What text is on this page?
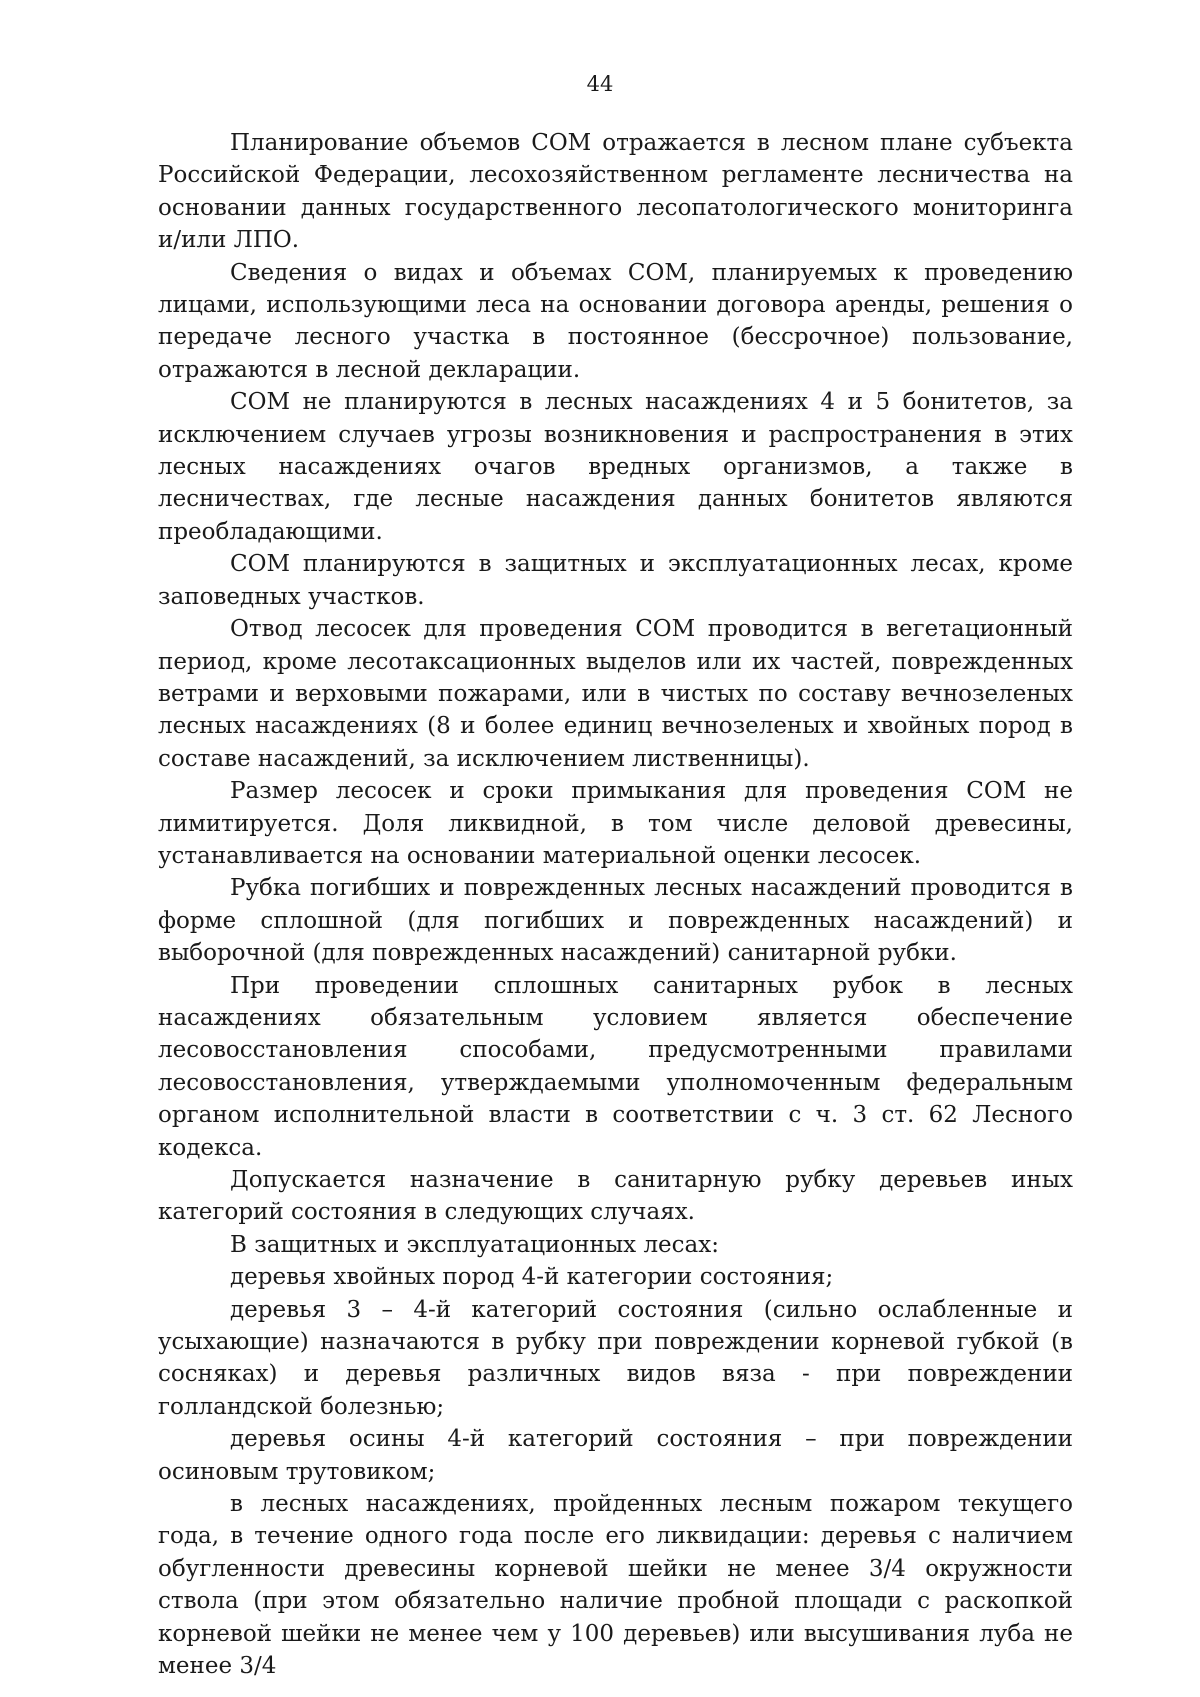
44

Планирование объемов СОМ отражается в лесном плане субъекта Российской Федерации, лесохозяйственном регламенте лесничества на основании данных государственного лесопатологического мониторинга и/или ЛПО.

Сведения о видах и объемах СОМ, планируемых к проведению лицами, использующими леса на основании договора аренды, решения о передаче лесного участка в постоянное (бессрочное) пользование, отражаются в лесной декларации.

СОМ не планируются в лесных насаждениях 4 и 5 бонитетов, за исключением случаев угрозы возникновения и распространения в этих лесных насаждениях очагов вредных организмов, а также в лесничествах, где лесные насаждения данных бонитетов являются преобладающими.

СОМ планируются в защитных и эксплуатационных лесах, кроме заповедных участков.

Отвод лесосек для проведения СОМ проводится в вегетационный период, кроме лесотаксационных выделов или их частей, поврежденных ветрами и верховыми пожарами, или в чистых по составу вечнозеленых лесных насаждениях (8 и более единиц вечнозеленых и хвойных пород в составе насаждений, за исключением лиственницы).

Размер лесосек и сроки примыкания для проведения СОМ не лимитируется. Доля ликвидной, в том числе деловой древесины, устанавливается на основании материальной оценки лесосек.

Рубка погибших и поврежденных лесных насаждений проводится в форме сплошной (для погибших и поврежденных насаждений) и выборочной (для поврежденных насаждений) санитарной рубки.

При проведении сплошных санитарных рубок в лесных насаждениях обязательным условием является обеспечение лесовосстановления способами, предусмотренными правилами лесовосстановления, утверждаемыми уполномоченным федеральным органом исполнительной власти в соответствии с ч. 3 ст. 62 Лесного кодекса.

Допускается назначение в санитарную рубку деревьев иных категорий состояния в следующих случаях.

В защитных и эксплуатационных лесах:

деревья хвойных пород 4-й категории состояния;

деревья 3 – 4-й категорий состояния (сильно ослабленные и усыхающие) назначаются в рубку при повреждении корневой губкой (в сосняках) и деревья различных видов вяза - при повреждении голландской болезнью;

деревья осины 4-й категорий состояния – при повреждении осиновым трутовиком;

в лесных насаждениях, пройденных лесным пожаром текущего года, в течение одного года после его ликвидации: деревья с наличием обугленности древесины корневой шейки не менее 3/4 окружности ствола (при этом обязательно наличие пробной площади с раскопкой корневой шейки не менее чем у 100 деревьев) или высушивания луба не менее 3/4
